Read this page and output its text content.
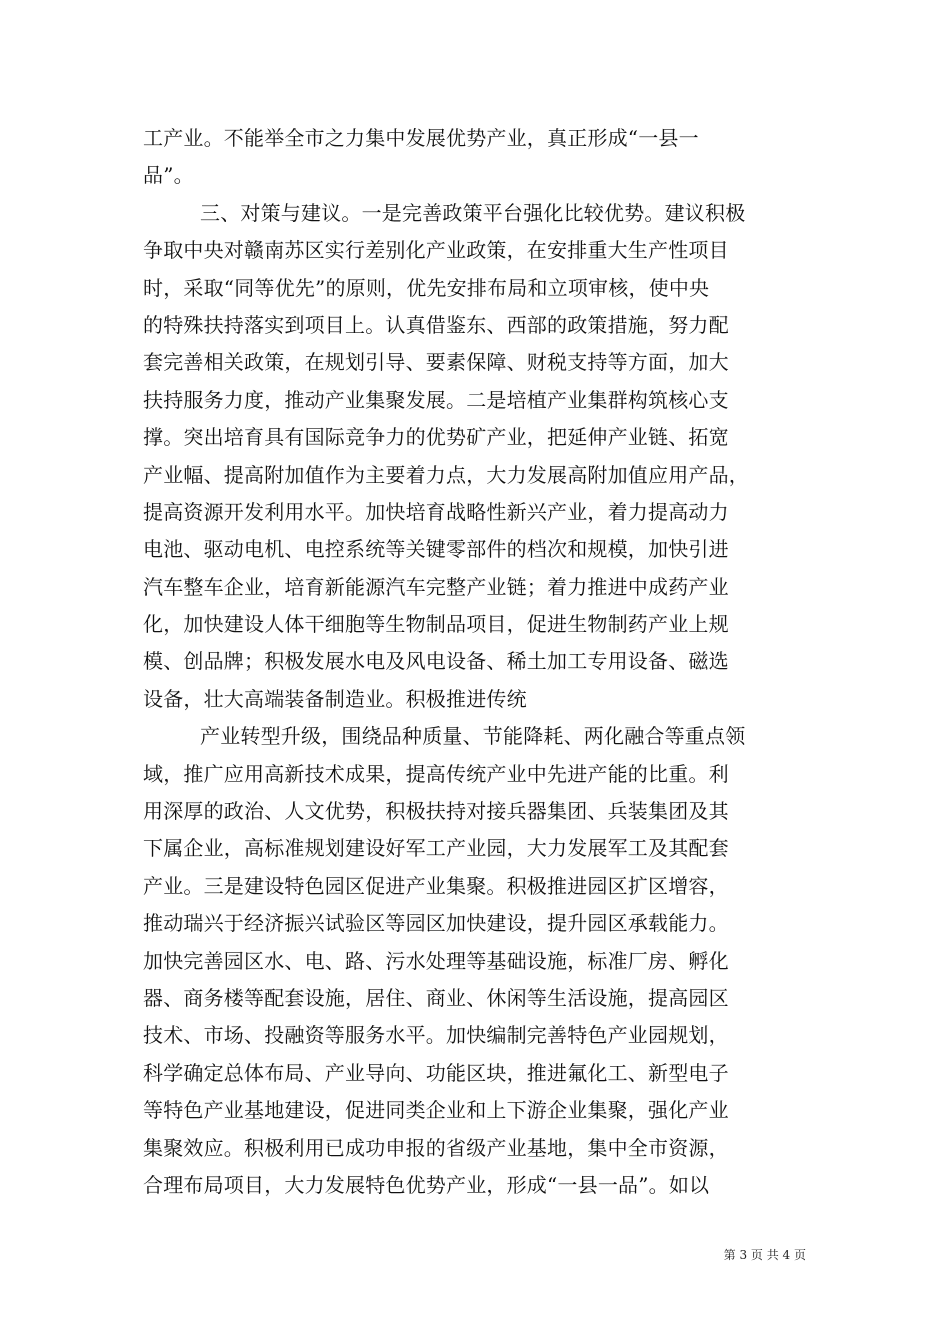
工产业。不能举全市之力集中发展优势产业，真正形成“一县一
品”。
三、对策与建议。一是完善政策平台强化比较优势。建议积极
争取中央对赣南苏区实行差别化产业政策，在安排重大生产性项目
时，采取“同等优先”的原则，优先安排布局和立项审核，使中央
的特殊扶持落实到项目上。认真借鉴东、西部的政策措施，努力配
套完善相关政策，在规划引导、要素保障、财税支持等方面，加大
扶持服务力度，推动产业集聚发展。二是培植产业集群构筑核心支
撑。突出培育具有国际竞争力的优势矿产业，把延伸产业链、拓宽
产业幅、提高附加值作为主要着力点，大力发展高附加值应用产品，
提高资源开发利用水平。加快培育战略性新兴产业，着力提高动力
电池、驱动电机、电控系统等关键零部件的档次和规模，加快引进
汽车整车企业，培育新能源汽车完整产业链；着力推进中成药产业
化，加快建设人体干细胞等生物制品项目，促进生物制药产业上规
模、创品牌；积极发展水电及风电设备、稀土加工专用设备、磁选
设备，壮大高端装备制造业。积极推进传统
产业转型升级，围绕品种质量、节能降耗、两化融合等重点领
域，推广应用高新技术成果，提高传统产业中先进产能的比重。利
用深厚的政治、人文优势，积极扶持对接兵器集团、兵装集团及其
下属企业，高标准规划建设好军工产业园，大力发展军工及其配套
产业。三是建设特色园区促进产业集聚。积极推进园区扩区增容，
推动瑞兴于经济振兴试验区等园区加快建设，提升园区承载能力。
加快完善园区水、电、路、污水处理等基础设施，标准厂房、孵化
器、商务楼等配套设施，居住、商业、休闲等生活设施，提高园区
技术、市场、投融资等服务水平。加快编制完善特色产业园规划，
科学确定总体布局、产业导向、功能区块，推进氟化工、新型电子
等特色产业基地建设，促进同类企业和上下游企业集聚，强化产业
集聚效应。积极利用已成功申报的省级产业基地，集中全市资源，
合理布局项目，大力发展特色优势产业，形成“一县一品”。如以
第 3 页 共 4 页
